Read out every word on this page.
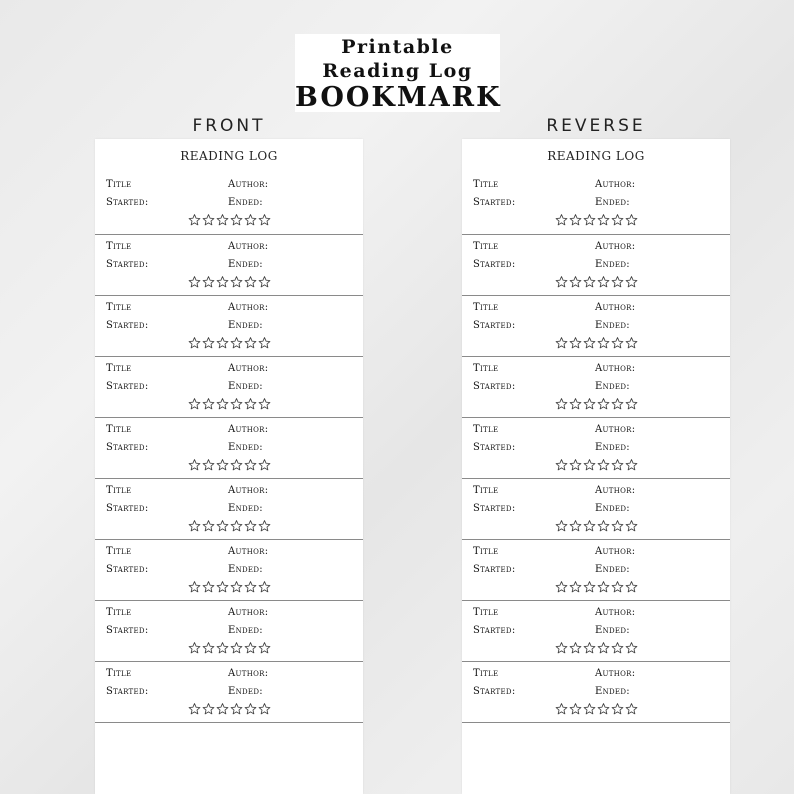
Printable
Reading Log
BOOKMARK
FRONT	REVERSE
READING LOG
Title	Author:
Started:	Ended:
Title	Author:
Started:	Ended:
Title	Author:
Started:	Ended:
Title	Author:
Started:	Ended:
Title	Author:
Started:	Ended:
Title	Author:
Started:	Ended:
Title	Author:
Started:	Ended:
Title	Author:
Started:	Ended:
Title	Author:
Started:	Ended:
READING LOG
Title	Author:
Started:	Ended:
Title	Author:
Started:	Ended:
Title	Author:
Started:	Ended:
Title	Author:
Started:	Ended:
Title	Author:
Started:	Ended:
Title	Author:
Started:	Ended:
Title	Author:
Started:	Ended:
Title	Author:
Started:	Ended:
Title	Author:
Started:	Ended:
